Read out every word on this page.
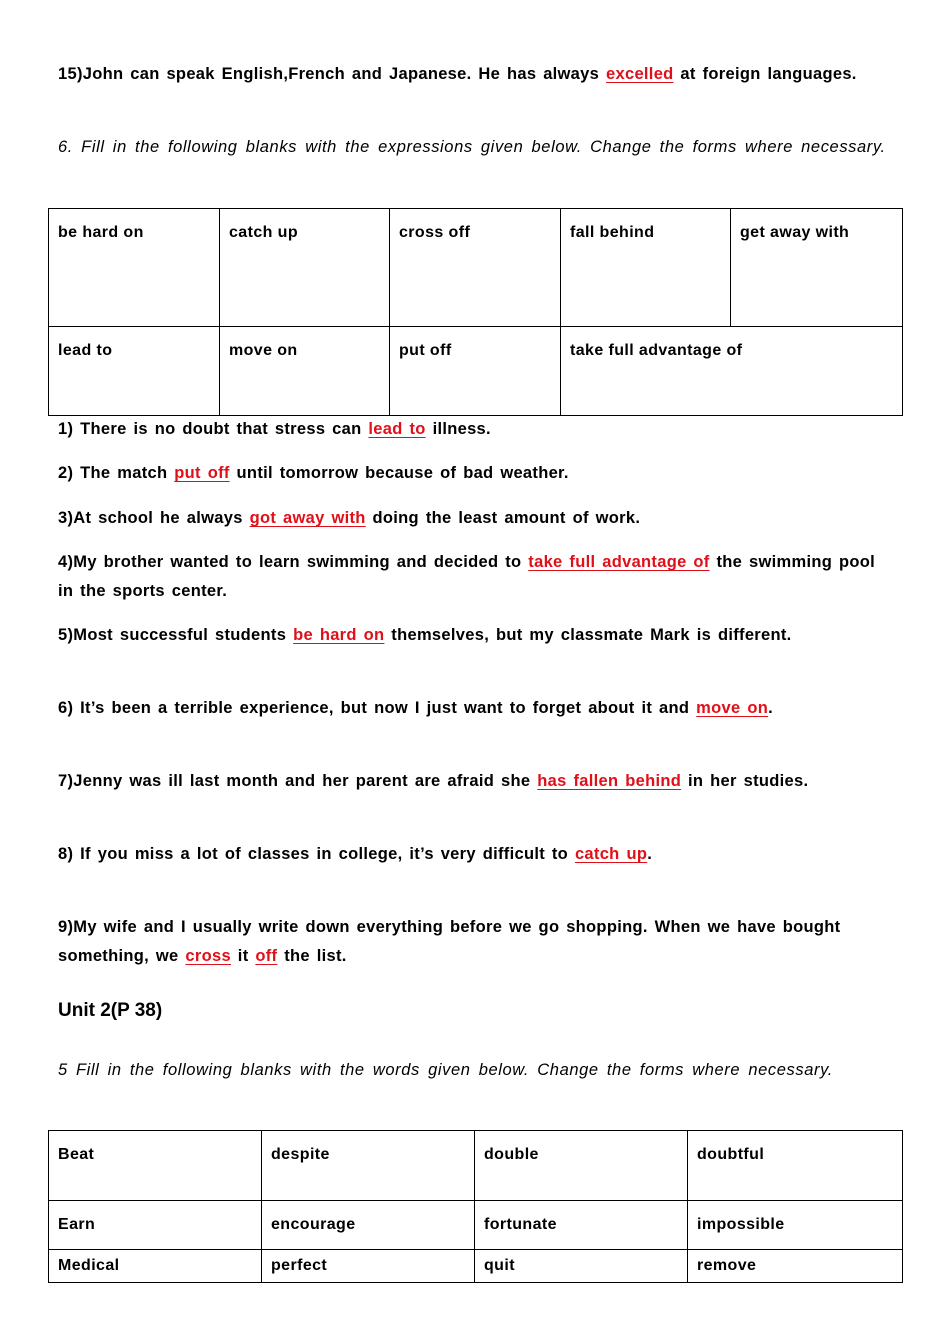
15)John can speak English,French and Japanese. He has always excelled at foreign languages.
6. Fill in the following blanks with the expressions given below. Change the forms where necessary.
be hard on	catch up	cross off	fall behind	get away with
lead to	move on	put off	take full advantage of	
1) There is no doubt that stress can lead to illness.
2) The match put off until tomorrow because of bad weather.
3)At school he always got away with doing the least amount of work.
4)My brother wanted to learn swimming and decided to take full advantage of the swimming pool in the sports center.
5)Most successful students be hard on themselves, but my classmate Mark is different.
6) It’s been a terrible experience, but now I just want to forget about it and move on.
7)Jenny was ill last month and her parent are afraid she has fallen behind in her studies.
8) If you miss a lot of classes in college, it’s very difficult to catch up.
9)My wife and I usually write down everything before we go shopping. When we have bought something, we cross it off the list.
Unit 2(P 38)
5 Fill in the following blanks with the words given below. Change the forms where necessary.
Beat	despite	double	doubtful
Earn	encourage	fortunate	impossible
Medical	perfect	quit	remove
